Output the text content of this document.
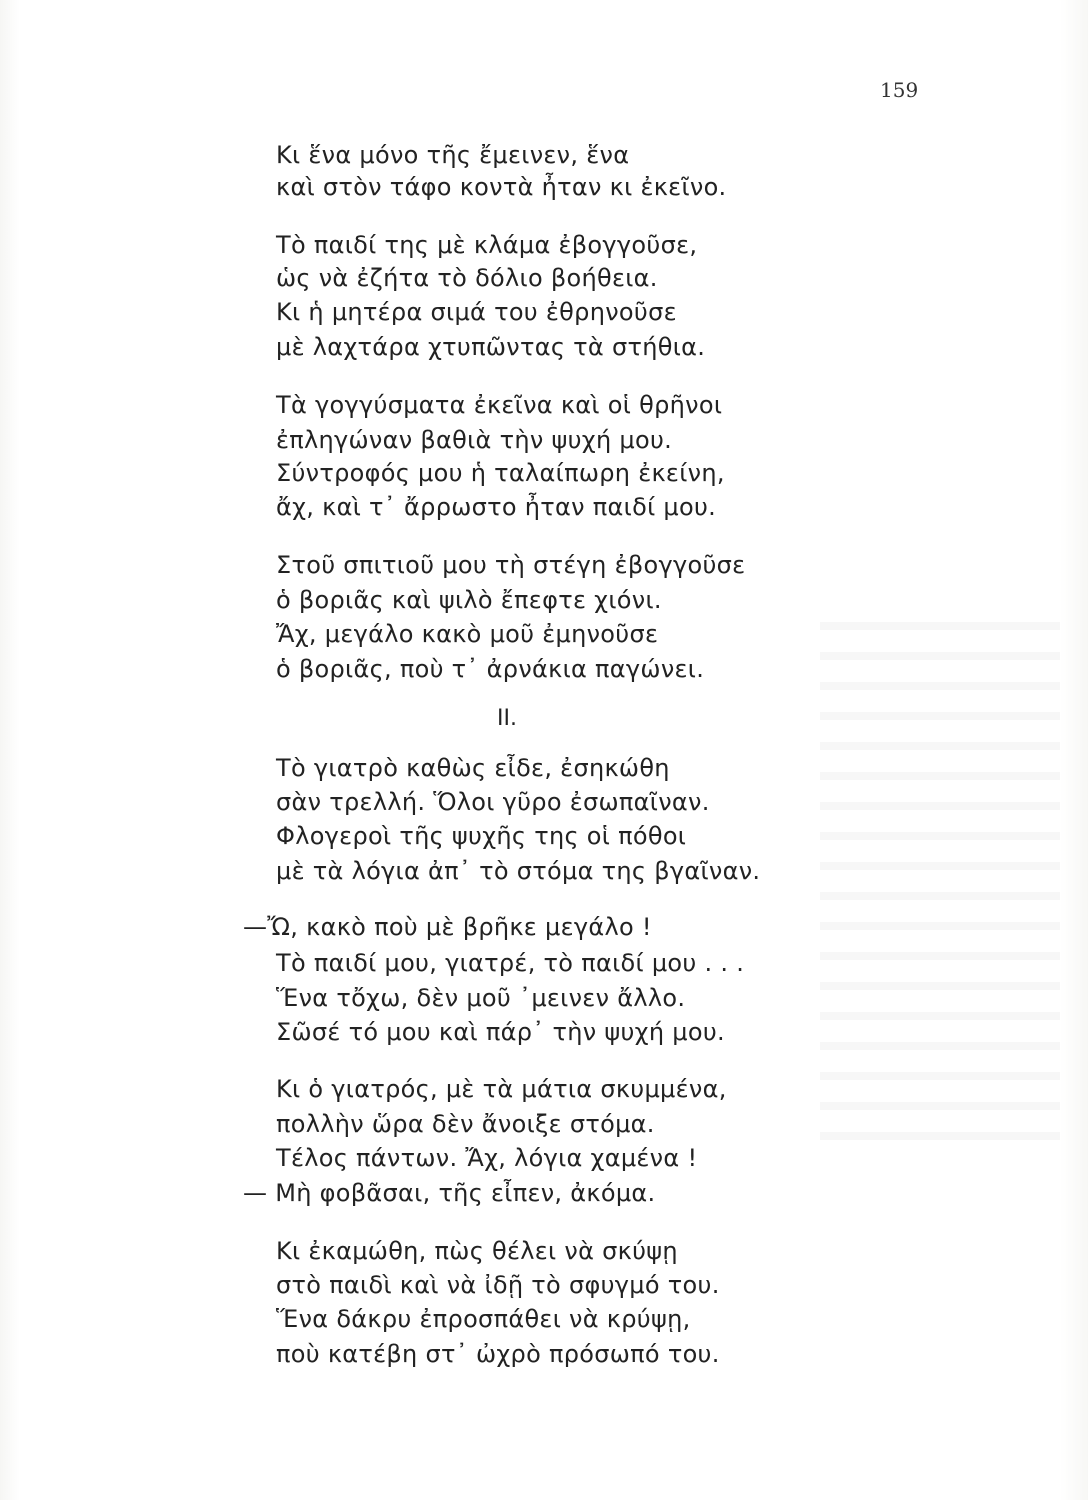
159
Κι ἕνα μόνο τῆς ἔμεινεν, ἕνα
καὶ στὸν τάφο κοντὰ ἦταν κι ἐκεῖνο.
Τὸ παιδί της μὲ κλάμα ἐβογγοῦσε,
ὡς νὰ ἐζήτα τὸ δόλιο βοήθεια.
Κι ἡ μητέρα σιμά του ἐθρηνοῦσε
μὲ λαχτάρα χτυπῶντας τὰ στήθια.
Τὰ γογγύσματα ἐκεῖνα καὶ οἱ θρῆνοι
ἐπληγώναν βαθιὰ τὴν ψυχή μου.
Σύντροφός μου ἡ ταλαίπωρη ἐκείνη,
ἄχ, καὶ τ᾽ ἄρρωστο ἦταν παιδί μου.
Στοῦ σπιτιοῦ μου τὴ στέγη ἐβογγοῦσε
ὁ βοριᾶς καὶ ψιλὸ ἔπεφτε χιόνι.
Ἄχ, μεγάλο κακὸ μοῦ ἐμηνοῦσε
ὁ βοριᾶς, ποὺ τ᾽ ἀρνάκια παγώνει.
II.
Τὸ γιατρὸ καθὼς εἶδε, ἐσηκώθη
σὰν τρελλή. Ὅλοι γῦρο ἐσωπαῖναν.
Φλογεροὶ τῆς ψυχῆς της οἱ πόθοι
μὲ τὰ λόγια ἀπ᾽ τὸ στόμα της βγαῖναν.
—Ὤ, κακὸ ποὺ μὲ βρῆκε μεγάλο !
Τὸ παιδί μου, γιατρέ, τὸ παιδί μου . . .
Ἕνα τὄχω, δὲν μοῦ ᾽μεινεν ἄλλο.
Σῶσέ τό μου καὶ πάρ᾽ τὴν ψυχή μου.
Κι ὁ γιατρός, μὲ τὰ μάτια σκυμμένα,
πολλὴν ὥρα δὲν ἄνοιξε στόμα.
Τέλος πάντων. Ἄχ, λόγια χαμένα !
— Μὴ φοβᾶσαι, τῆς εἶπεν, ἀκόμα.
Κι ἐκαμώθη, πὼς θέλει νὰ σκύψῃ
στὸ παιδὶ καὶ νὰ ἰδῇ τὸ σφυγμό του.
Ἕνα δάκρυ ἐπροσπάθει νὰ κρύψῃ,
ποὺ κατέβη στ᾽ ὠχρὸ πρόσωπό του.
